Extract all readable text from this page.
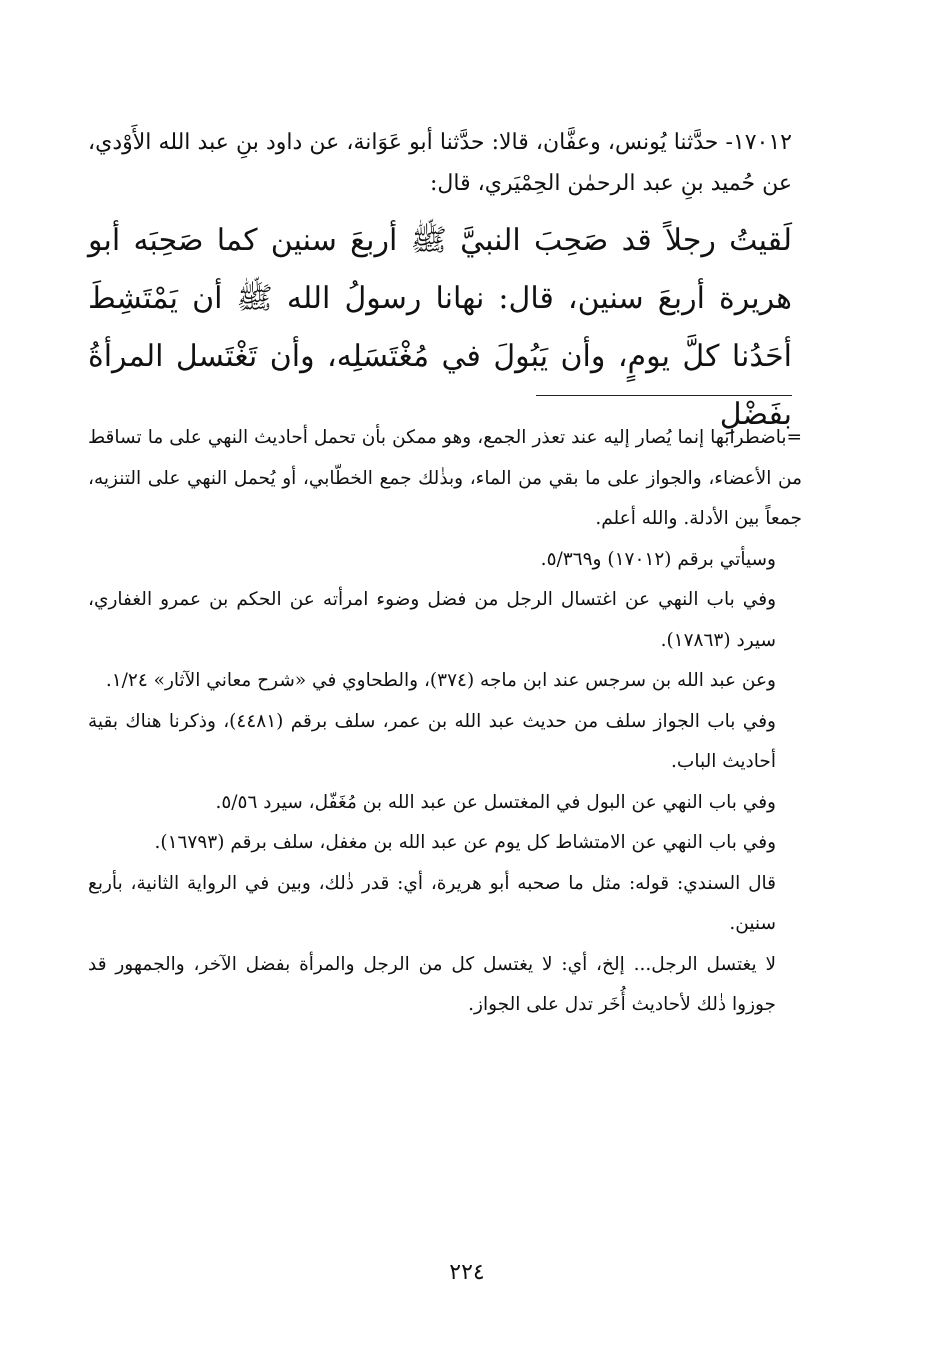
١٧٠١٢- حدَّثنا يُونس، وعفَّان، قالا: حدَّثنا أبو عَوَانة، عن داود بنِ عبد الله الأَوْدي، عن حُميد بنِ عبد الرحمٰن الحِمْيَري، قال:

لَقيتُ رجلاً قد صَحِبَ النبيَّ ﷺ أربعَ سنين كما صَحِبَه أبو هريرة أربعَ سنين، قال: نهانا رسولُ الله ﷺ أن يَمْتَشِطَ أحَدُنا كلَّ يومٍ، وأن يَبُولَ في مُغْتَسَلِه، وأن تَغْتَسل المرأةُ بفَضْلِ

=باضطرابها إنما يُصار إليه عند تعذر الجمع، وهو ممكن بأن تحمل أحاديث النهي على ما تساقط من الأعضاء، والجواز على ما بقي من الماء، وبذٰلك جمع الخطّابي، أو يُحمل النهي على التنزيه، جمعاً بين الأدلة. والله أعلم.

وسيأتي برقم (١٧٠١٢) و٥/٣٦٩.

وفي باب النهي عن اغتسال الرجل من فضل وضوء امرأته عن الحكم بن عمرو الغفاري، سيرد (١٧٨٦٣).

وعن عبد الله بن سرجس عند ابن ماجه (٣٧٤)، والطحاوي في «شرح معاني الآثار» ١/٢٤.

وفي باب الجواز سلف من حديث عبد الله بن عمر، سلف برقم (٤٤٨١)، وذكرنا هناك بقية أحاديث الباب.

وفي باب النهي عن البول في المغتسل عن عبد الله بن مُغَفّل، سيرد ٥/٥٦.

وفي باب النهي عن الامتشاط كل يوم عن عبد الله بن مغفل، سلف برقم (١٦٧٩٣).

قال السندي: قوله: مثل ما صحبه أبو هريرة، أي: قدر ذٰلك، وبين في الرواية الثانية، بأربع سنين.

لا يغتسل الرجل... إلخ، أي: لا يغتسل كل من الرجل والمرأة بفضل الآخر، والجمهور قد جوزوا ذٰلك لأحاديث أُخَر تدل على الجواز.

٢٢٤
